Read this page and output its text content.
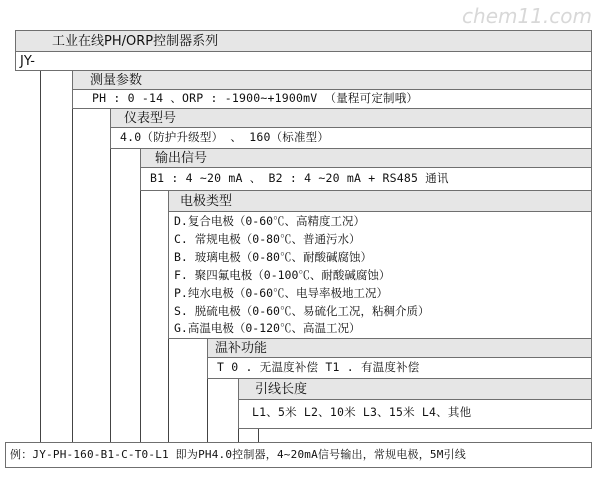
chem11.com
工业在线PH/ORP控制器系列
JY-
测量参数
PH : 0 -14 、ORP : -1900~+1900mV （量程可定制哦）
仪表型号
4.0（防护升级型） 、 160（标准型）
输出信号
B1 : 4 ~20 mA 、 B2 : 4 ~20 mA + RS485 通讯
电极类型
D.复合电极（0-60℃、高精度工况）
C. 常规电极（0-80℃、普通污水）
B. 玻璃电极（0-80℃、耐酸碱腐蚀）
F. 聚四氟电极（0-100℃、耐酸碱腐蚀）
P.纯水电极（0-60℃、电导率极地工况）
S. 脱硫电极（0-60℃、易硫化工况，粘稠介质）
G.高温电极（0-120℃、高温工况）
温补功能
T 0 . 无温度补偿 T1 . 有温度补偿
引线长度
L1、5米 L2、10米 L3、15米 L4、其他
例：JY-PH-160-B1-C-T0-L1 即为PH4.0控制器，4~20mA信号输出，常规电极，5M引线
